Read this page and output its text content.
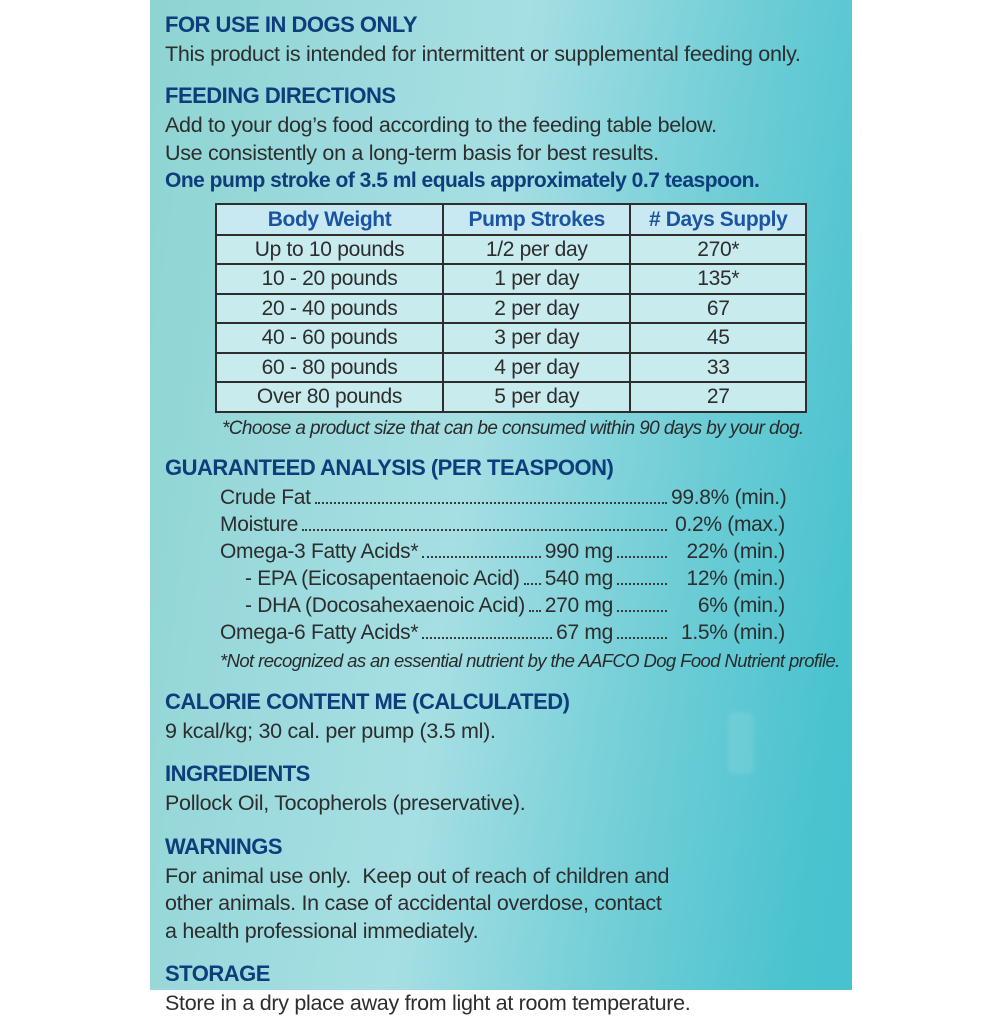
FOR USE IN DOGS ONLY
This product is intended for intermittent or supplemental feeding only.
FEEDING DIRECTIONS
Add to your dog’s food according to the feeding table below.
Use consistently on a long-term basis for best results.
One pump stroke of 3.5 ml equals approximately 0.7 teaspoon.
Body Weight	Pump Strokes	# Days Supply
Up to 10 pounds	1/2 per day	270*
10 - 20 pounds	1 per day	135*
20 - 40 pounds	2 per day	67
40 - 60 pounds	3 per day	45
60 - 80 pounds	4 per day	33
Over 80 pounds	5 per day	27
*Choose a product size that can be consumed within 90 days by your dog.
GUARANTEED ANALYSIS (PER TEASPOON)
Crude Fat	99.8% (min.)
Moisture	0.2% (max.)
Omega-3 Fatty Acids*	990 mg	22% (min.)
- EPA (Eicosapentaenoic Acid) 540 mg	12% (min.)
- DHA (Docosahexaenoic Acid) 270 mg	6% (min.)
Omega-6 Fatty Acids*	67 mg	1.5% (min.)
*Not recognized as an essential nutrient by the AAFCO Dog Food Nutrient profile.
CALORIE CONTENT ME (CALCULATED)
9 kcal/kg; 30 cal. per pump (3.5 ml).
INGREDIENTS
Pollock Oil, Tocopherols (preservative).
WARNINGS
For animal use only.  Keep out of reach of children and
other animals. In case of accidental overdose, contact
a health professional immediately.
STORAGE
Store in a dry place away from light at room temperature.
